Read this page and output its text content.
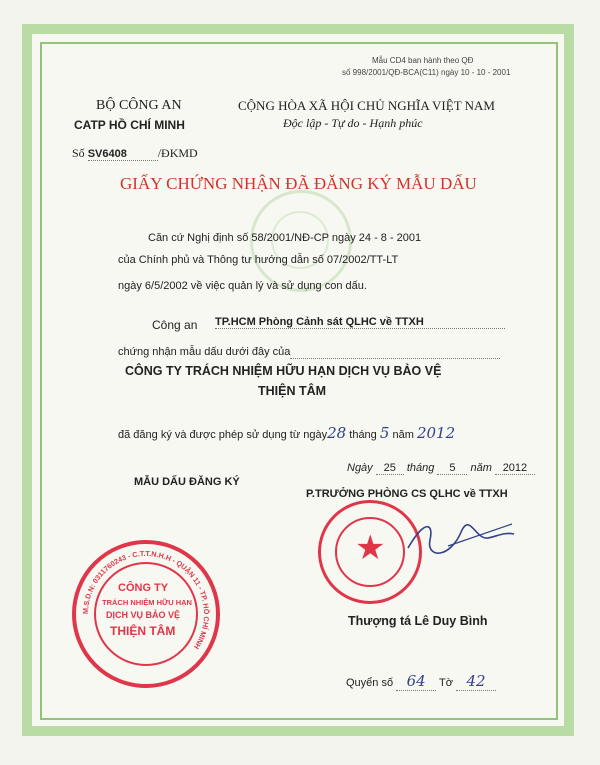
Mẫu CD4 ban hành theo QĐ
số 998/2001/QĐ-BCA(C11) ngày 10 - 10 - 2001
BỘ CÔNG AN
CATP HỒ CHÍ MINH
Số SV6408	/ĐKMD
CỘNG HÒA XÃ HỘI CHỦ NGHĨA VIỆT NAM
Độc lập - Tự do - Hạnh phúc
GIẤY CHỨNG NHẬN ĐÃ ĐĂNG KÝ MẪU DẤU
Căn cứ Nghị định số 58/2001/NĐ-CP ngày 24 - 8 - 2001
của Chính phủ và Thông tư hướng dẫn số 07/2002/TT-LT
ngày 6/5/2002 về việc quản lý và sử dụng con dấu.
Công an TP.HCM Phòng Cảnh sát QLHC về TTXH
chứng nhận mẫu dấu dưới đây của
CÔNG TY TRÁCH NHIỆM HỮU HẠN DỊCH VỤ BẢO VỆ
THIỆN TÂM
đã đăng ký và được phép sử dụng từ ngày28 tháng 5 năm 2012
MẪU DẤU ĐĂNG KÝ
Ngày 25 tháng 5 năm 2012
P.TRƯỞNG PHÒNG CS QLHC về TTXH
★
Thượng tá Lê Duy Bình
M.S.D.N: 0311760243 - C.T.T.N.H.H - QUẬN 11 - TP. HỒ CHÍ MINH
CÔNG TY
TRÁCH NHIỆM HỮU HẠN
DỊCH VỤ BẢO VỆ
THIỆN TÂM
Quyển số 64 Tờ 42
